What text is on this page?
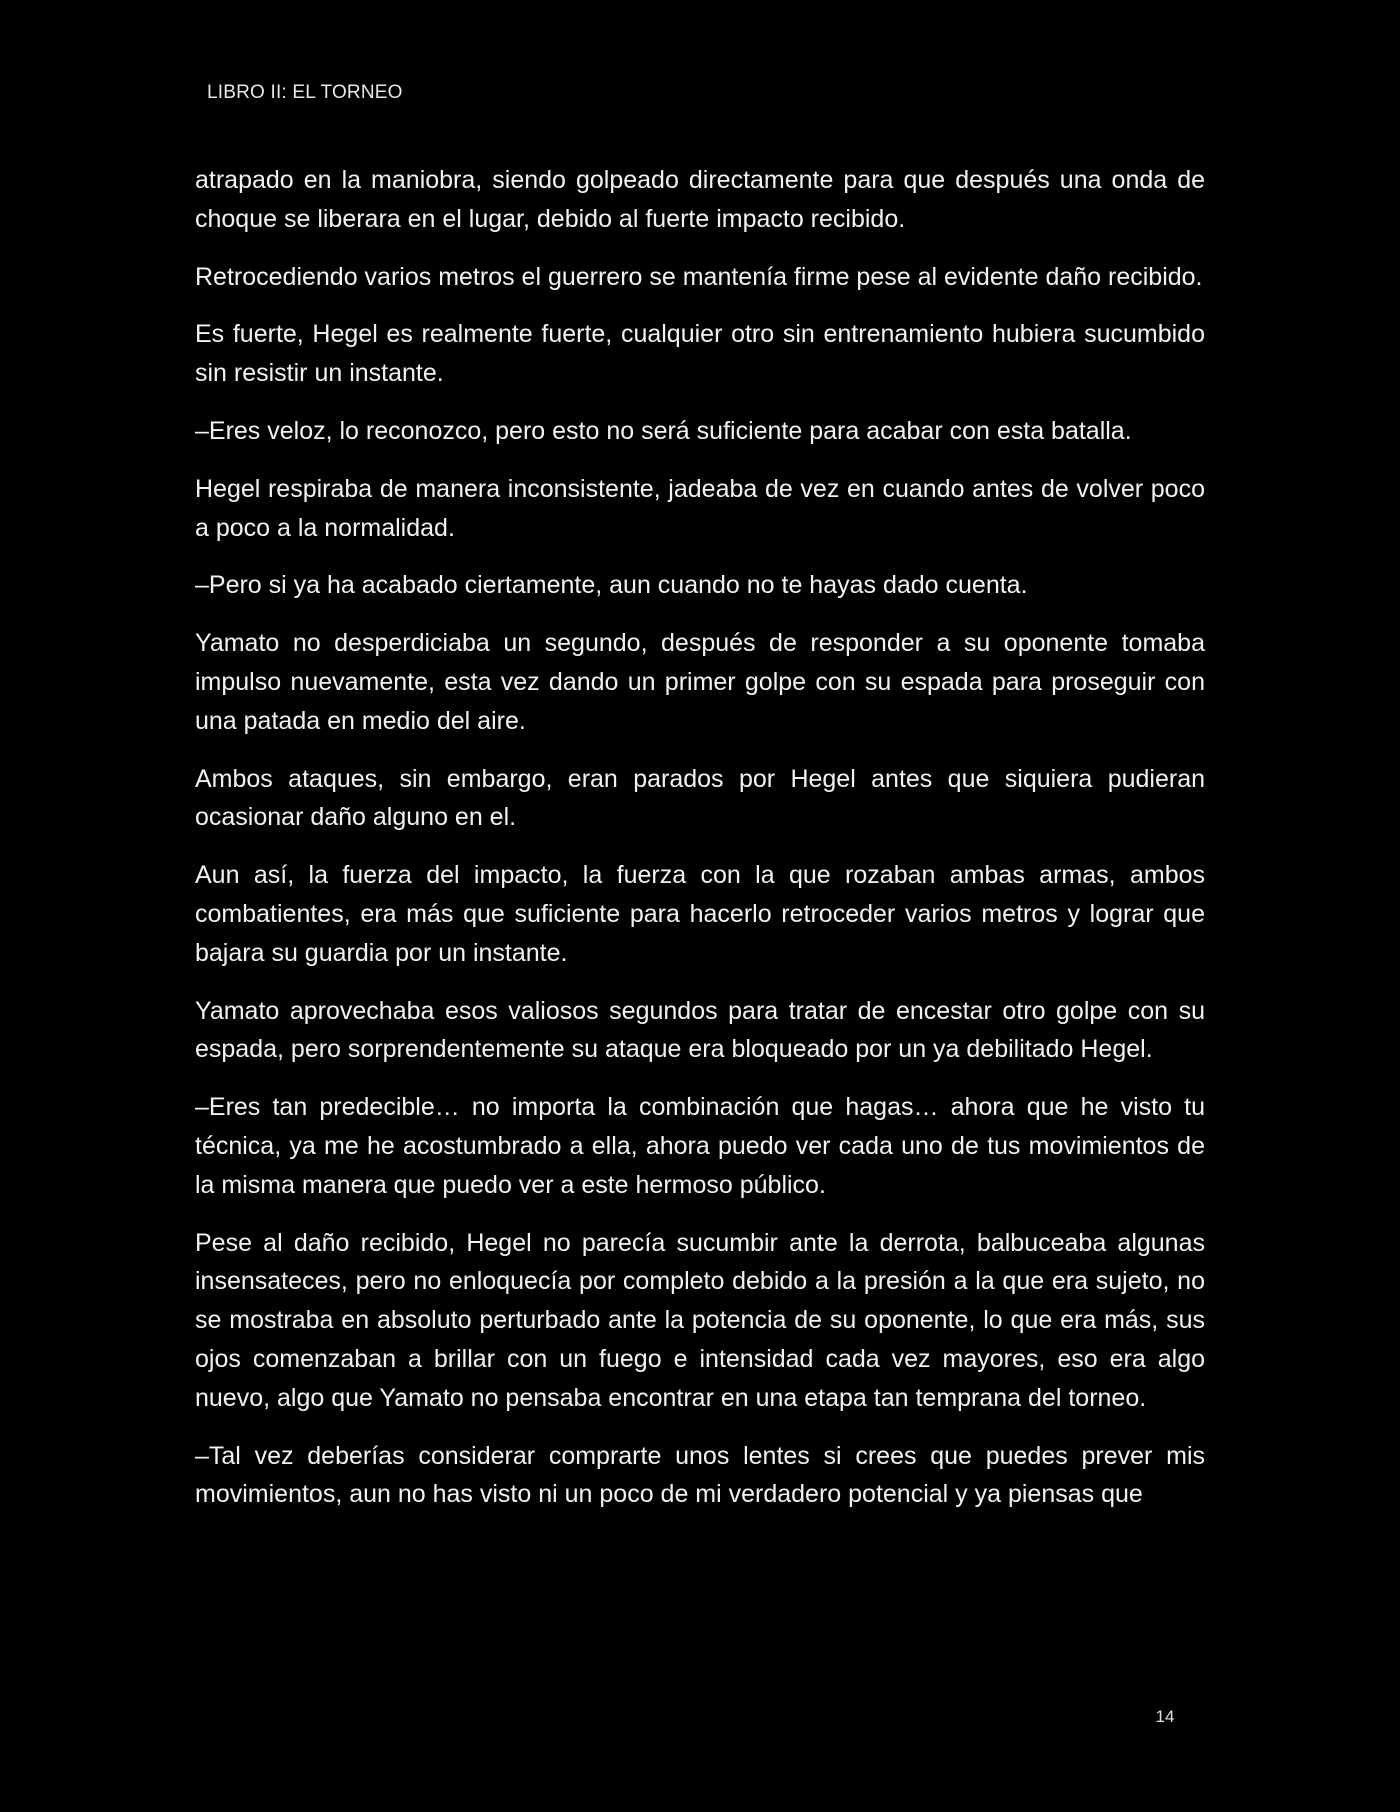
LIBRO II: EL TORNEO

atrapado en la maniobra, siendo golpeado directamente para que después una onda de choque se liberara en el lugar, debido al fuerte impacto recibido.

Retrocediendo varios metros el guerrero se mantenía firme pese al evidente daño recibido.

Es fuerte, Hegel es realmente fuerte, cualquier otro sin entrenamiento hubiera sucumbido sin resistir un instante.

–Eres veloz, lo reconozco, pero esto no será suficiente para acabar con esta batalla.

Hegel respiraba de manera inconsistente, jadeaba de vez en cuando antes de volver poco a poco a la normalidad.

–Pero si ya ha acabado ciertamente, aun cuando no te hayas dado cuenta.

Yamato no desperdiciaba un segundo, después de responder a su oponente tomaba impulso nuevamente, esta vez dando un primer golpe con su espada para proseguir con una patada en medio del aire.

Ambos ataques, sin embargo, eran parados por Hegel antes que siquiera pudieran ocasionar daño alguno en el.

Aun así, la fuerza del impacto, la fuerza con la que rozaban ambas armas, ambos combatientes, era más que suficiente para hacerlo retroceder varios metros y lograr que bajara su guardia por un instante.

Yamato aprovechaba esos valiosos segundos para tratar de encestar otro golpe con su espada, pero sorprendentemente su ataque era bloqueado por un ya debilitado Hegel.

–Eres tan predecible… no importa la combinación que hagas… ahora que he visto tu técnica, ya me he acostumbrado a ella, ahora puedo ver cada uno de tus movimientos de la misma manera que puedo ver a este hermoso público.

Pese al daño recibido, Hegel no parecía sucumbir ante la derrota, balbuceaba algunas insensateces, pero no enloquecía por completo debido a la presión a la que era sujeto, no se mostraba en absoluto perturbado ante la potencia de su oponente, lo que era más, sus ojos comenzaban a brillar con un fuego e intensidad cada vez mayores, eso era algo nuevo, algo que Yamato no pensaba encontrar en una etapa tan temprana del torneo.

–Tal vez deberías considerar comprarte unos lentes si crees que puedes prever mis movimientos, aun no has visto ni un poco de mi verdadero potencial y ya piensas que

14
